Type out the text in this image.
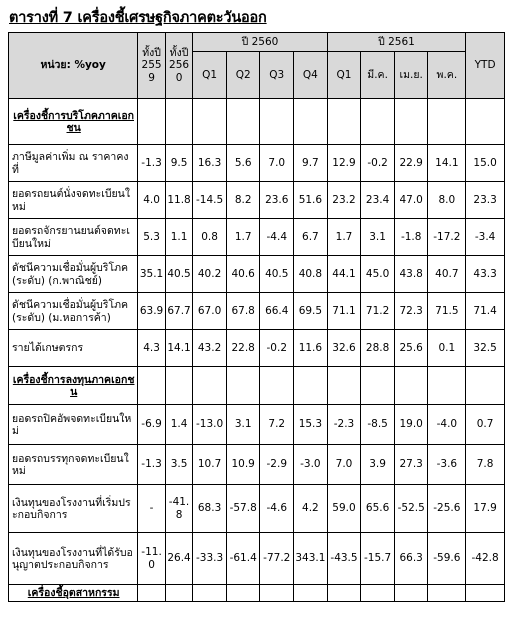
ตารางที่ 7 เครื่องชี้เศรษฐกิจภาคตะวันออก
หน่วย: %yoy	ทั้งปี 2559	ทั้งปี 2560	ปี 2560				ปี 2561				YTD
			Q1	Q2	Q3	Q4	Q1	มี.ค.	เม.ย.	พ.ค.	
เครื่องชี้การบริโภคภาคเอกชน											
ภาษีมูลค่าเพิ่ม ณ ราคาคงที่	-1.3	9.5	16.3	5.6	7.0	9.7	12.9	-0.2	22.9	14.1	15.0
ยอดรถยนต์นั่งจดทะเบียนใหม่	4.0	11.8	-14.5	8.2	23.6	51.6	23.2	23.4	47.0	8.0	23.3
ยอดรถจักรยานยนต์จดทะเบียนใหม่	5.3	1.1	0.8	1.7	-4.4	6.7	1.7	3.1	-1.8	-17.2	-3.4
ดัชนีความเชื่อมั่นผู้บริโภค (ระดับ) (ก.พาณิชย์)	35.1	40.5	40.2	40.6	40.5	40.8	44.1	45.0	43.8	40.7	43.3
ดัชนีความเชื่อมั่นผู้บริโภค (ระดับ) (ม.หอการค้า)	63.9	67.7	67.0	67.8	66.4	69.5	71.1	71.2	72.3	71.5	71.4
รายได้เกษตรกร	4.3	14.1	43.2	22.8	-0.2	11.6	32.6	28.8	25.6	0.1	32.5
เครื่องชี้การลงทุนภาคเอกชน											
ยอดรถปิคอัพจดทะเบียนใหม่	-6.9	1.4	-13.0	3.1	7.2	15.3	-2.3	-8.5	19.0	-4.0	0.7
ยอดรถบรรทุกจดทะเบียนใหม่	-1.3	3.5	10.7	10.9	-2.9	-3.0	7.0	3.9	27.3	-3.6	7.8
เงินทุนของโรงงานที่เริ่มประกอบกิจการ	-	-41.8	68.3	-57.8	-4.6	4.2	59.0	65.6	-52.5	-25.6	17.9
เงินทุนของโรงงานที่ได้รับอนุญาตประกอบกิจการ	-11.0	26.4	-33.3	-61.4	-77.2	343.1	-43.5	-15.7	66.3	-59.6	-42.8
เครื่องชี้อุตสาหกรรม											
